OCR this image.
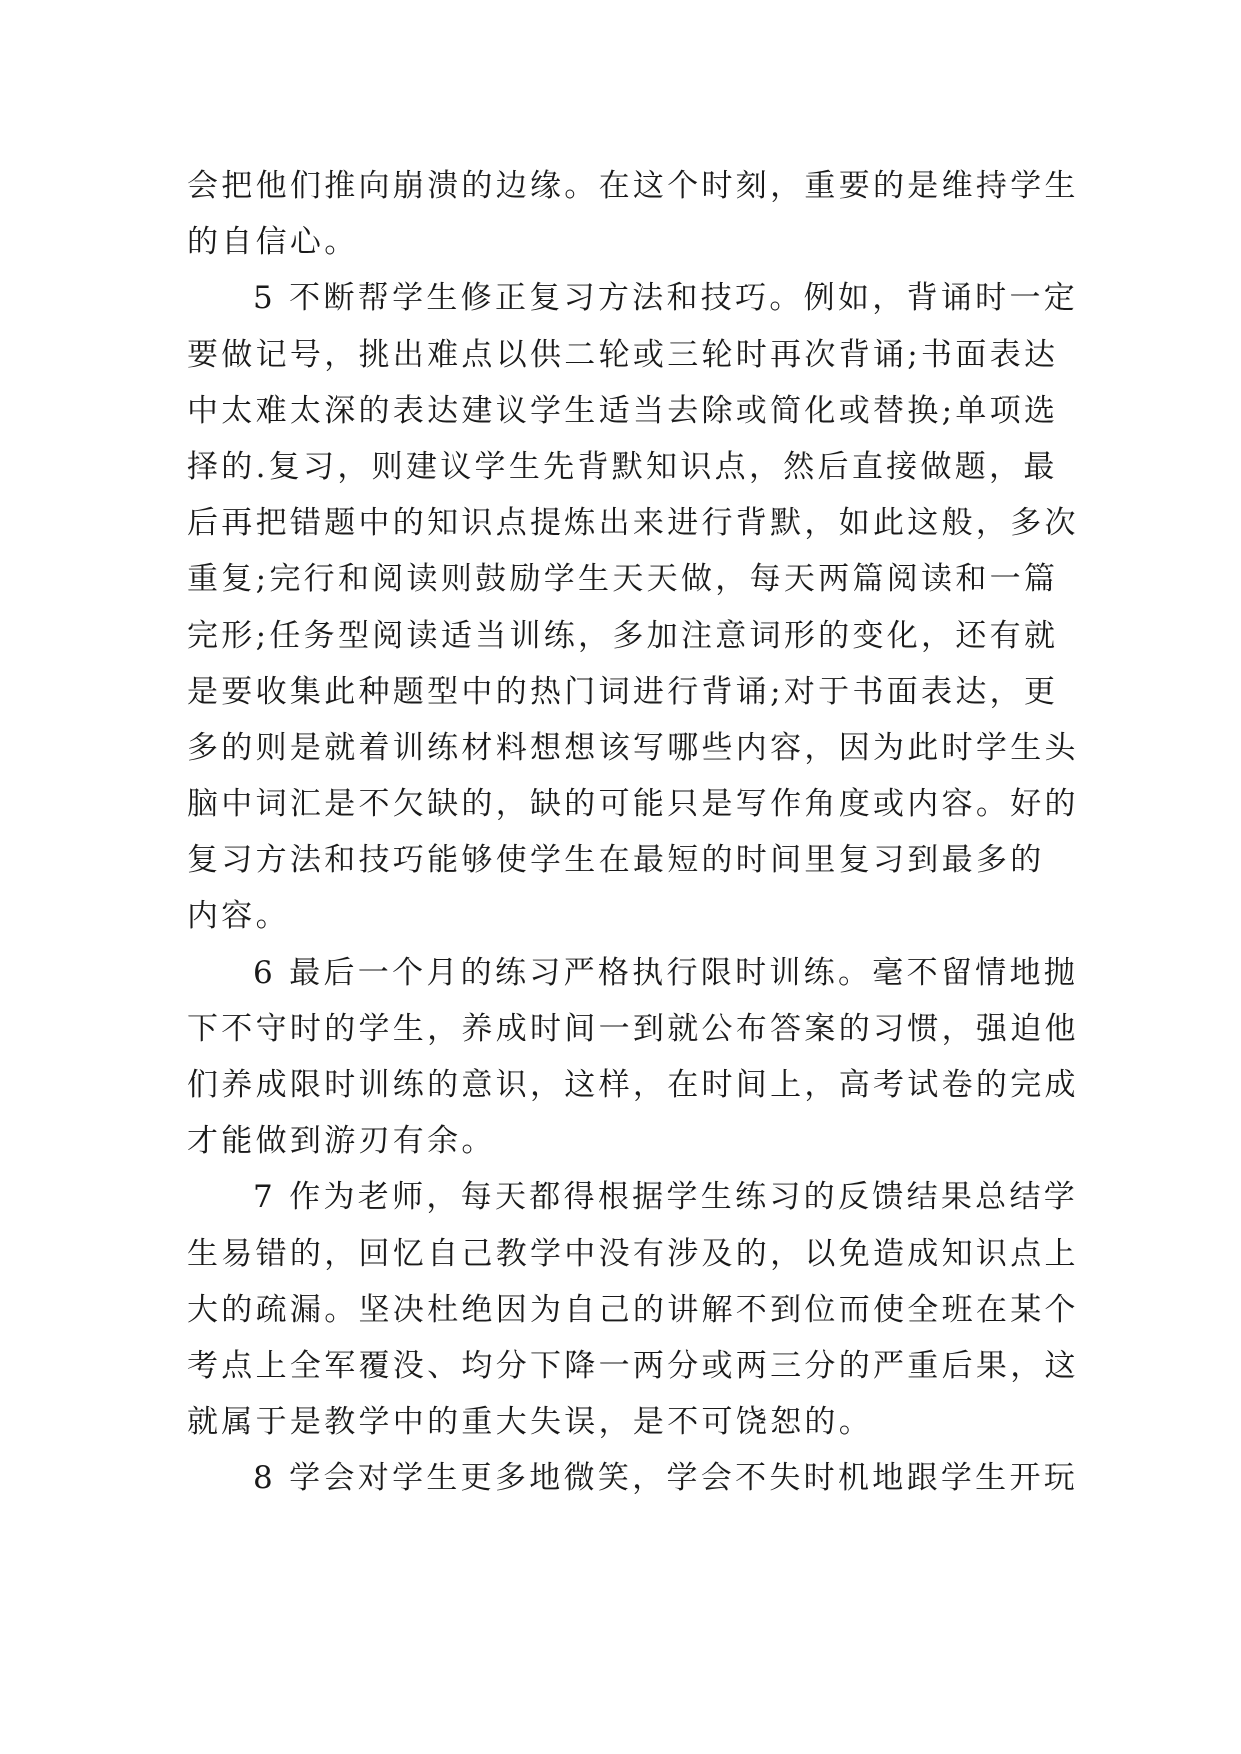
会把他们推向崩溃的边缘。在这个时刻，重要的是维持学生
的自信心。
5 不断帮学生修正复习方法和技巧。例如，背诵时一定
要做记号，挑出难点以供二轮或三轮时再次背诵;书面表达
中太难太深的表达建议学生适当去除或简化或替换;单项选
择的.复习，则建议学生先背默知识点，然后直接做题，最
后再把错题中的知识点提炼出来进行背默，如此这般，多次
重复;完行和阅读则鼓励学生天天做，每天两篇阅读和一篇
完形;任务型阅读适当训练，多加注意词形的变化，还有就
是要收集此种题型中的热门词进行背诵;对于书面表达，更
多的则是就着训练材料想想该写哪些内容，因为此时学生头
脑中词汇是不欠缺的，缺的可能只是写作角度或内容。好的
复习方法和技巧能够使学生在最短的时间里复习到最多的
内容。
6 最后一个月的练习严格执行限时训练。毫不留情地抛
下不守时的学生，养成时间一到就公布答案的习惯，强迫他
们养成限时训练的意识，这样，在时间上，高考试卷的完成
才能做到游刃有余。
7 作为老师，每天都得根据学生练习的反馈结果总结学
生易错的，回忆自己教学中没有涉及的，以免造成知识点上
大的疏漏。坚决杜绝因为自己的讲解不到位而使全班在某个
考点上全军覆没、均分下降一两分或两三分的严重后果，这
就属于是教学中的重大失误，是不可饶恕的。
8 学会对学生更多地微笑，学会不失时机地跟学生开玩
